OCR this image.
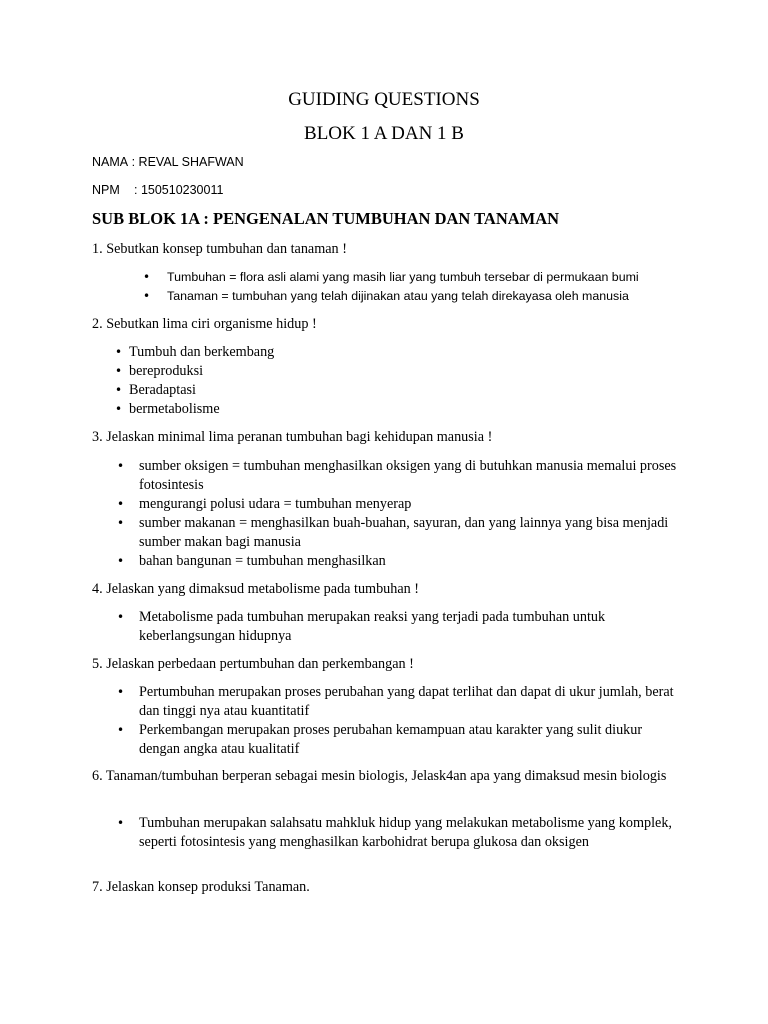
GUIDING QUESTIONS
BLOK 1 A DAN 1 B

NAMA : REVAL SHAFWAN

NPM : 150510230011

SUB BLOK 1A : PENGENALAN TUMBUHAN DAN TANAMAN

1. Sebutkan konsep tumbuhan dan tanaman !

• Tumbuhan = flora asli alami yang masih liar yang tumbuh tersebar di permukaan bumi
• Tanaman = tumbuhan yang telah dijinakan atau yang telah direkayasa oleh manusia

2. Sebutkan lima ciri organisme hidup !

• Tumbuh dan berkembang
• bereproduksi
• Beradaptasi
• bermetabolisme

3. Jelaskan minimal lima peranan tumbuhan bagi kehidupan manusia !

• sumber oksigen = tumbuhan menghasilkan oksigen yang di butuhkan manusia memalui proses fotosintesis
• mengurangi polusi udara = tumbuhan menyerap
• sumber makanan = menghasilkan buah-buahan, sayuran, dan yang lainnya yang bisa menjadi sumber makan bagi manusia
• bahan bangunan = tumbuhan menghasilkan

4. Jelaskan yang dimaksud metabolisme pada tumbuhan !

• Metabolisme pada tumbuhan merupakan reaksi yang terjadi pada tumbuhan untuk keberlangsungan hidupnya

5. Jelaskan perbedaan pertumbuhan dan perkembangan !

• Pertumbuhan merupakan proses perubahan yang dapat terlihat dan dapat di ukur jumlah, berat dan tinggi nya atau kuantitatif
• Perkembangan merupakan proses perubahan kemampuan atau karakter yang sulit diukur dengan angka atau kualitatif

6. Tanaman/tumbuhan berperan sebagai mesin biologis, Jelask4an apa yang dimaksud mesin biologis

• Tumbuhan merupakan salahsatu mahkluk hidup yang melakukan metabolisme yang komplek, seperti fotosintesis yang menghasilkan karbohidrat berupa glukosa dan oksigen

7. Jelaskan konsep produksi Tanaman.
